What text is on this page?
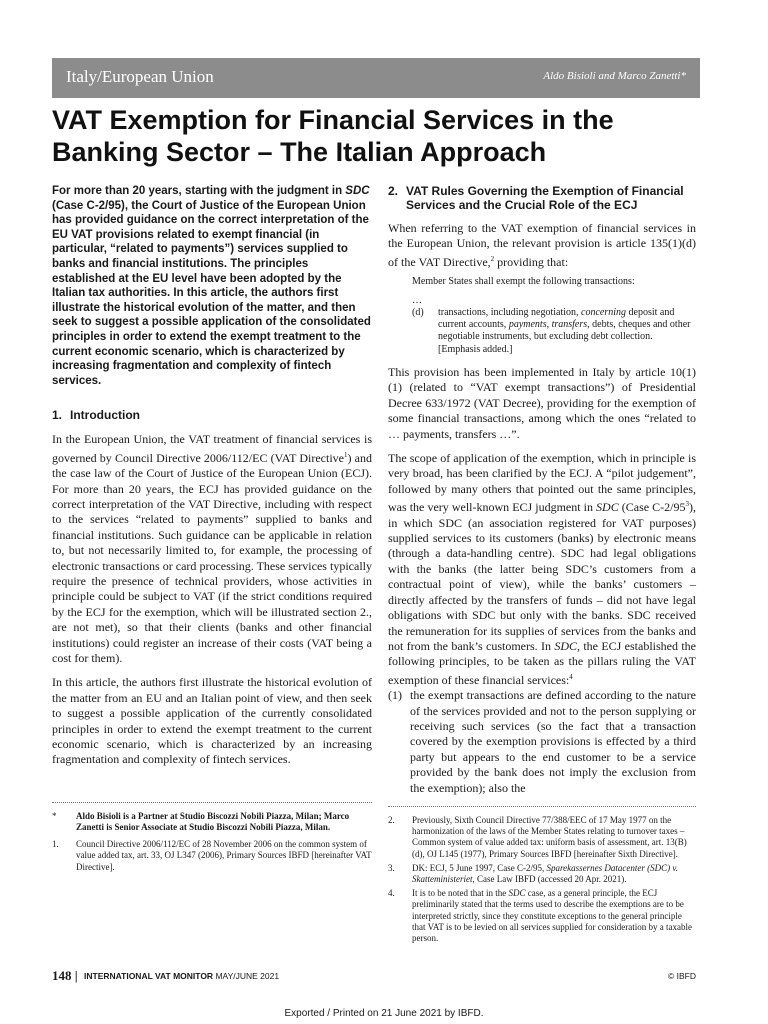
Italy/European Union	Aldo Bisioli and Marco Zanetti*
VAT Exemption for Financial Services in the
Banking Sector – The Italian Approach

For more than 20 years, starting with the judgment in SDC (Case C-2/95), the Court of Justice of the European Union has provided guidance on the correct interpretation of the EU VAT provisions related to exempt financial (in particular, “related to payments”) services supplied to banks and financial institutions. The principles established at the EU level have been adopted by the Italian tax authorities. In this article, the authors first illustrate the historical evolution of the matter, and then seek to suggest a possible application of the consolidated principles in order to extend the exempt treatment to the current economic scenario, which is characterized by increasing fragmentation and complexity of fintech services.

1. Introduction

In the European Union, the VAT treatment of financial services is governed by Council Directive 2006/112/EC (VAT Directive$^1$) and the case law of the Court of Justice of the European Union (ECJ). For more than 20 years, the ECJ has provided guidance on the correct interpretation of the VAT Directive, including with respect to the services “related to payments” supplied to banks and financial institutions. Such guidance can be applicable in relation to, but not necessarily limited to, for example, the processing of electronic transactions or card processing. These services typically require the presence of technical providers, whose activities in principle could be subject to VAT (if the strict conditions required by the ECJ for the exemption, which will be illustrated section 2., are not met), so that their clients (banks and other financial institutions) could register an increase of their costs (VAT being a cost for them).

In this article, the authors first illustrate the historical evolution of the matter from an EU and an Italian point of view, and then seek to suggest a possible application of the currently consolidated principles in order to extend the exempt treatment to the current economic scenario, which is characterized by an increasing fragmentation and complexity of fintech services.

*	Aldo Bisioli is a Partner at Studio Biscozzi Nobili Piazza, Milan; Marco Zanetti is Senior Associate at Studio Biscozzi Nobili Piazza, Milan.
1.	Council Directive 2006/112/EC of 28 November 2006 on the common system of value added tax, art. 33, OJ L347 (2006), Primary Sources IBFD [hereinafter VAT Directive].
2. VAT Rules Governing the Exemption of Financial Services and the Crucial Role of the ECJ

When referring to the VAT exemption of financial services in the European Union, the relevant provision is article 135(1)(d) of the VAT Directive,$^2$ providing that:

Member States shall exempt the following transactions:

…

(d)	transactions, including negotiation, concerning deposit and current accounts, payments, transfers, debts, cheques and other negotiable instruments, but excluding debt collection. [Emphasis added.]

This provision has been implemented in Italy by article 10(1)(1) (related to “VAT exempt transactions”) of Presidential Decree 633/1972 (VAT Decree), providing for the exemption of some financial transactions, among which the ones “related to … payments, transfers …”.

The scope of application of the exemption, which in principle is very broad, has been clarified by the ECJ. A “pilot judgement”, followed by many others that pointed out the same principles, was the very well-known ECJ judgment in SDC (Case $C-2/95^3$), in which SDC (an association registered for VAT purposes) supplied services to its customers (banks) by electronic means (through a data-handling centre). SDC had legal obligations with the banks (the latter being SDC’s customers from a contractual point of view), while the banks’ customers – directly affected by the transfers of funds – did not have legal obligations with SDC but only with the banks. SDC received the remuneration for its supplies of services from the banks and not from the bank’s customers. In SDC, the ECJ established the following principles, to be taken as the pillars ruling the VAT exemption of these financial services:$^4$

(1) the exempt transactions are defined according to the nature of the services provided and not to the person supplying or receiving such services (so the fact that a transaction covered by the exemption provisions is effected by a third party but appears to the end customer to be a service provided by the bank does not imply the exclusion from the exemption); also the
2.	Previously, Sixth Council Directive 77/388/EEC of 17 May 1977 on the harmonization of the laws of the Member States relating to turnover taxes – Common system of value added tax: uniform basis of assessment, art. 13(B)(d), OJ L145 (1977), Primary Sources IBFD [hereinafter Sixth Directive].
3.	DK: ECJ, 5 June 1997, Case C-2/95, Sparekassernes Datacenter (SDC) v. Skatteministeriet, Case Law IBFD (accessed 20 Apr. 2021).
4.	It is to be noted that in the SDC case, as a general principle, the ECJ preliminarily stated that the terms used to describe the exemptions are to be interpreted strictly, since they constitute exceptions to the general principle that VAT is to be levied on all services supplied for consideration by a taxable person.
148 | INTERNATIONAL VAT MONITOR MAY/JUNE 2021	© IBFD
Exported / Printed on 21 June 2021 by IBFD.
